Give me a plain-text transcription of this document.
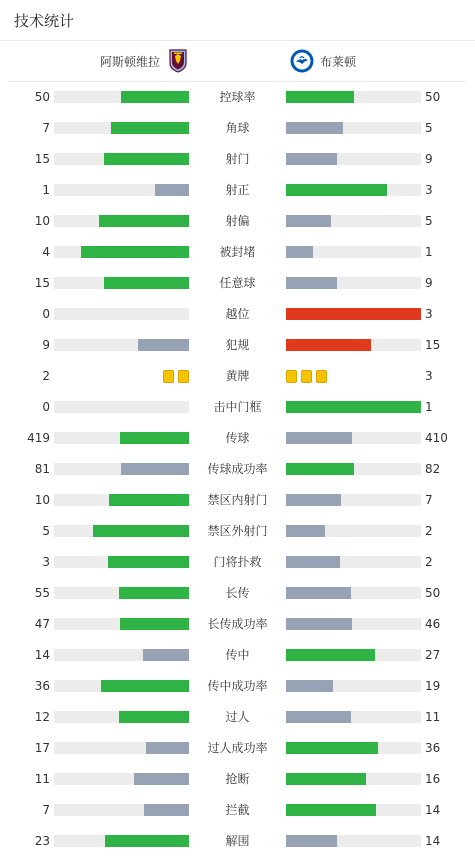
技术统计
阿斯顿维拉	布莱顿
50	控球率	50
7	角球	5
15	射门	9
1	射正	3
10	射偏	5
4	被封堵	1
15	任意球	9
0	越位	3
9	犯规	15
2	黄牌	3
0	击中门框	1
419	传球	410
81	传球成功率	82
10	禁区内射门	7
5	禁区外射门	2
3	门将扑救	2
55	长传	50
47	长传成功率	46
14	传中	27
36	传中成功率	19
12	过人	11
17	过人成功率	36
11	抢断	16
7	拦截	14
23	解围	14
